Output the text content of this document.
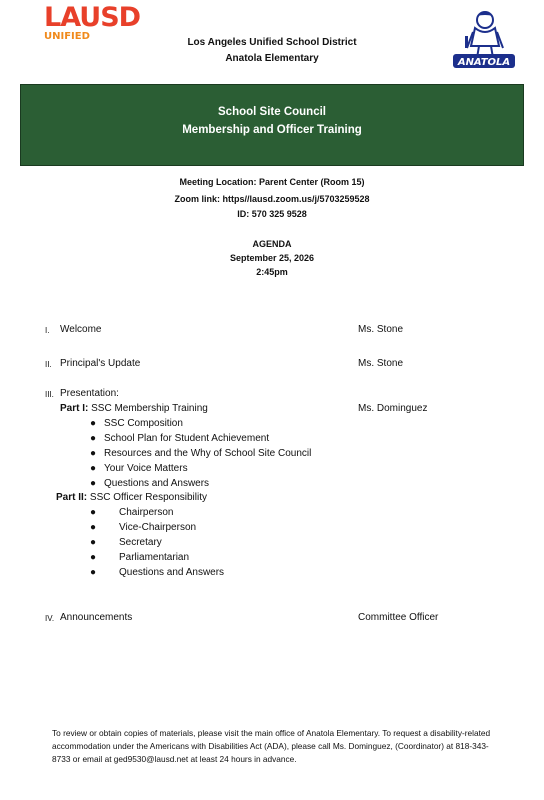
LAUSD
UNIFIED
ANATOLA
Los Angeles Unified School District
Anatola Elementary
School Site Council
Membership and Officer Training
Meeting Location: Parent Center (Room 15)
Zoom link: https//lausd.zoom.us/j/5703259528
ID: 570 325 9528
AGENDA
September 25, 2026
2:45pm
I. Welcome	Ms. Stone
II. Principal's Update	Ms. Stone
III. Presentation:
Part I: SSC Membership Training	Ms. Dominguez
● SSC Composition
● School Plan for Student Achievement
● Resources and the Why of School Site Council
● Your Voice Matters
● Questions and Answers
Part II: SSC Officer Responsibility
● Chairperson
● Vice-Chairperson
● Secretary
● Parliamentarian
● Questions and Answers
IV. Announcements	Committee Officer
To review or obtain copies of materials, please visit the main office of Anatola Elementary. To request a disability-related accommodation under the Americans with Disabilities Act (ADA), please call Ms. Dominguez, (Coordinator) at 818-343-8733 or email at ged9530@lausd.net at least 24 hours in advance.
